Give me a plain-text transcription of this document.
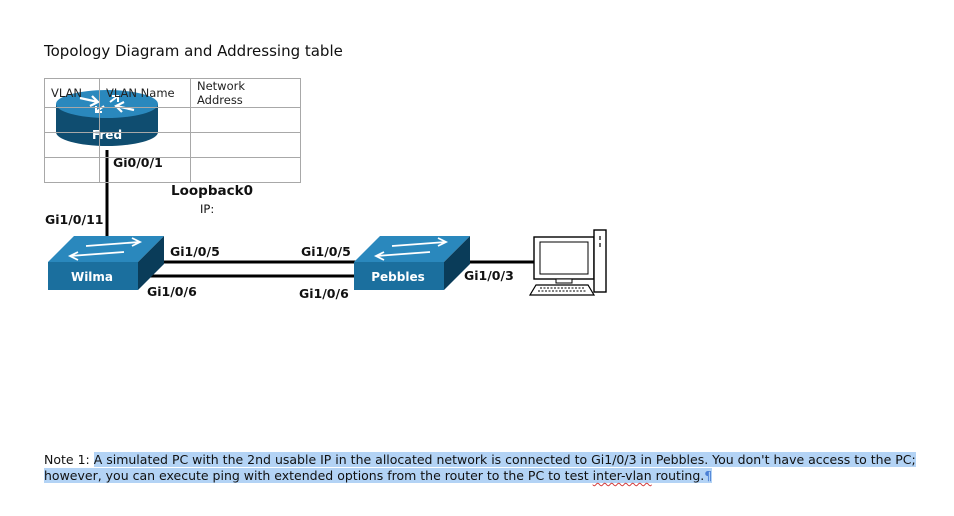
Topology Diagram and Addressing table
Fred
Wilma	Pebbles
Gi0/0/1
Loopback0
IP:
Gi1/0/11
Gi1/0/5
Gi1/0/6
Gi1/0/5
Gi1/0/6
Gi1/0/3
VLAN	VLAN Name	Network Address

Note 1: A simulated PC with the 2nd usable IP in the allocated network is connected to Gi1/0/3 in Pebbles. You don't have access to the PC;
however, you can execute ping with extended options from the router to the PC to test inter-vlan routing.¶
